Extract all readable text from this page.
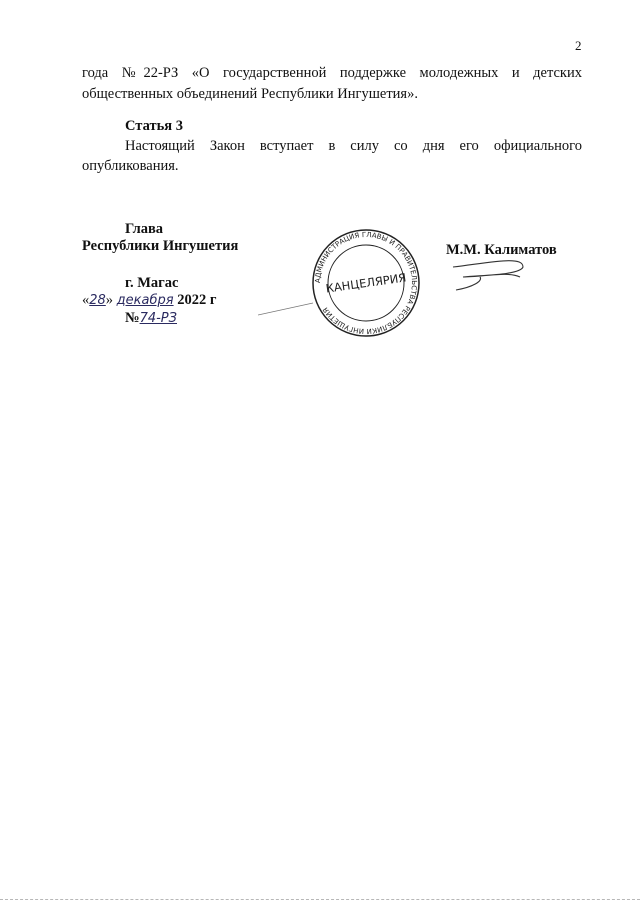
2
года №22-РЗ «О государственной поддержке молодежных и детских
общественных объединений Республики Ингушетия».
Статья 3
Настоящий Закон вступает в силу со дня его официального
опубликования.
Глава
Республики Ингушетия	М.М. Калиматов
г. Магас
«28» декабря 2022 г
№74-РЗ
АДМИНИСТРАЦИЯ ГЛАВЫ И ПРАВИТЕЛЬСТВА РЕСПУБЛИКИ ИНГУШЕТИЯ
КАНЦЕЛЯРИЯ
